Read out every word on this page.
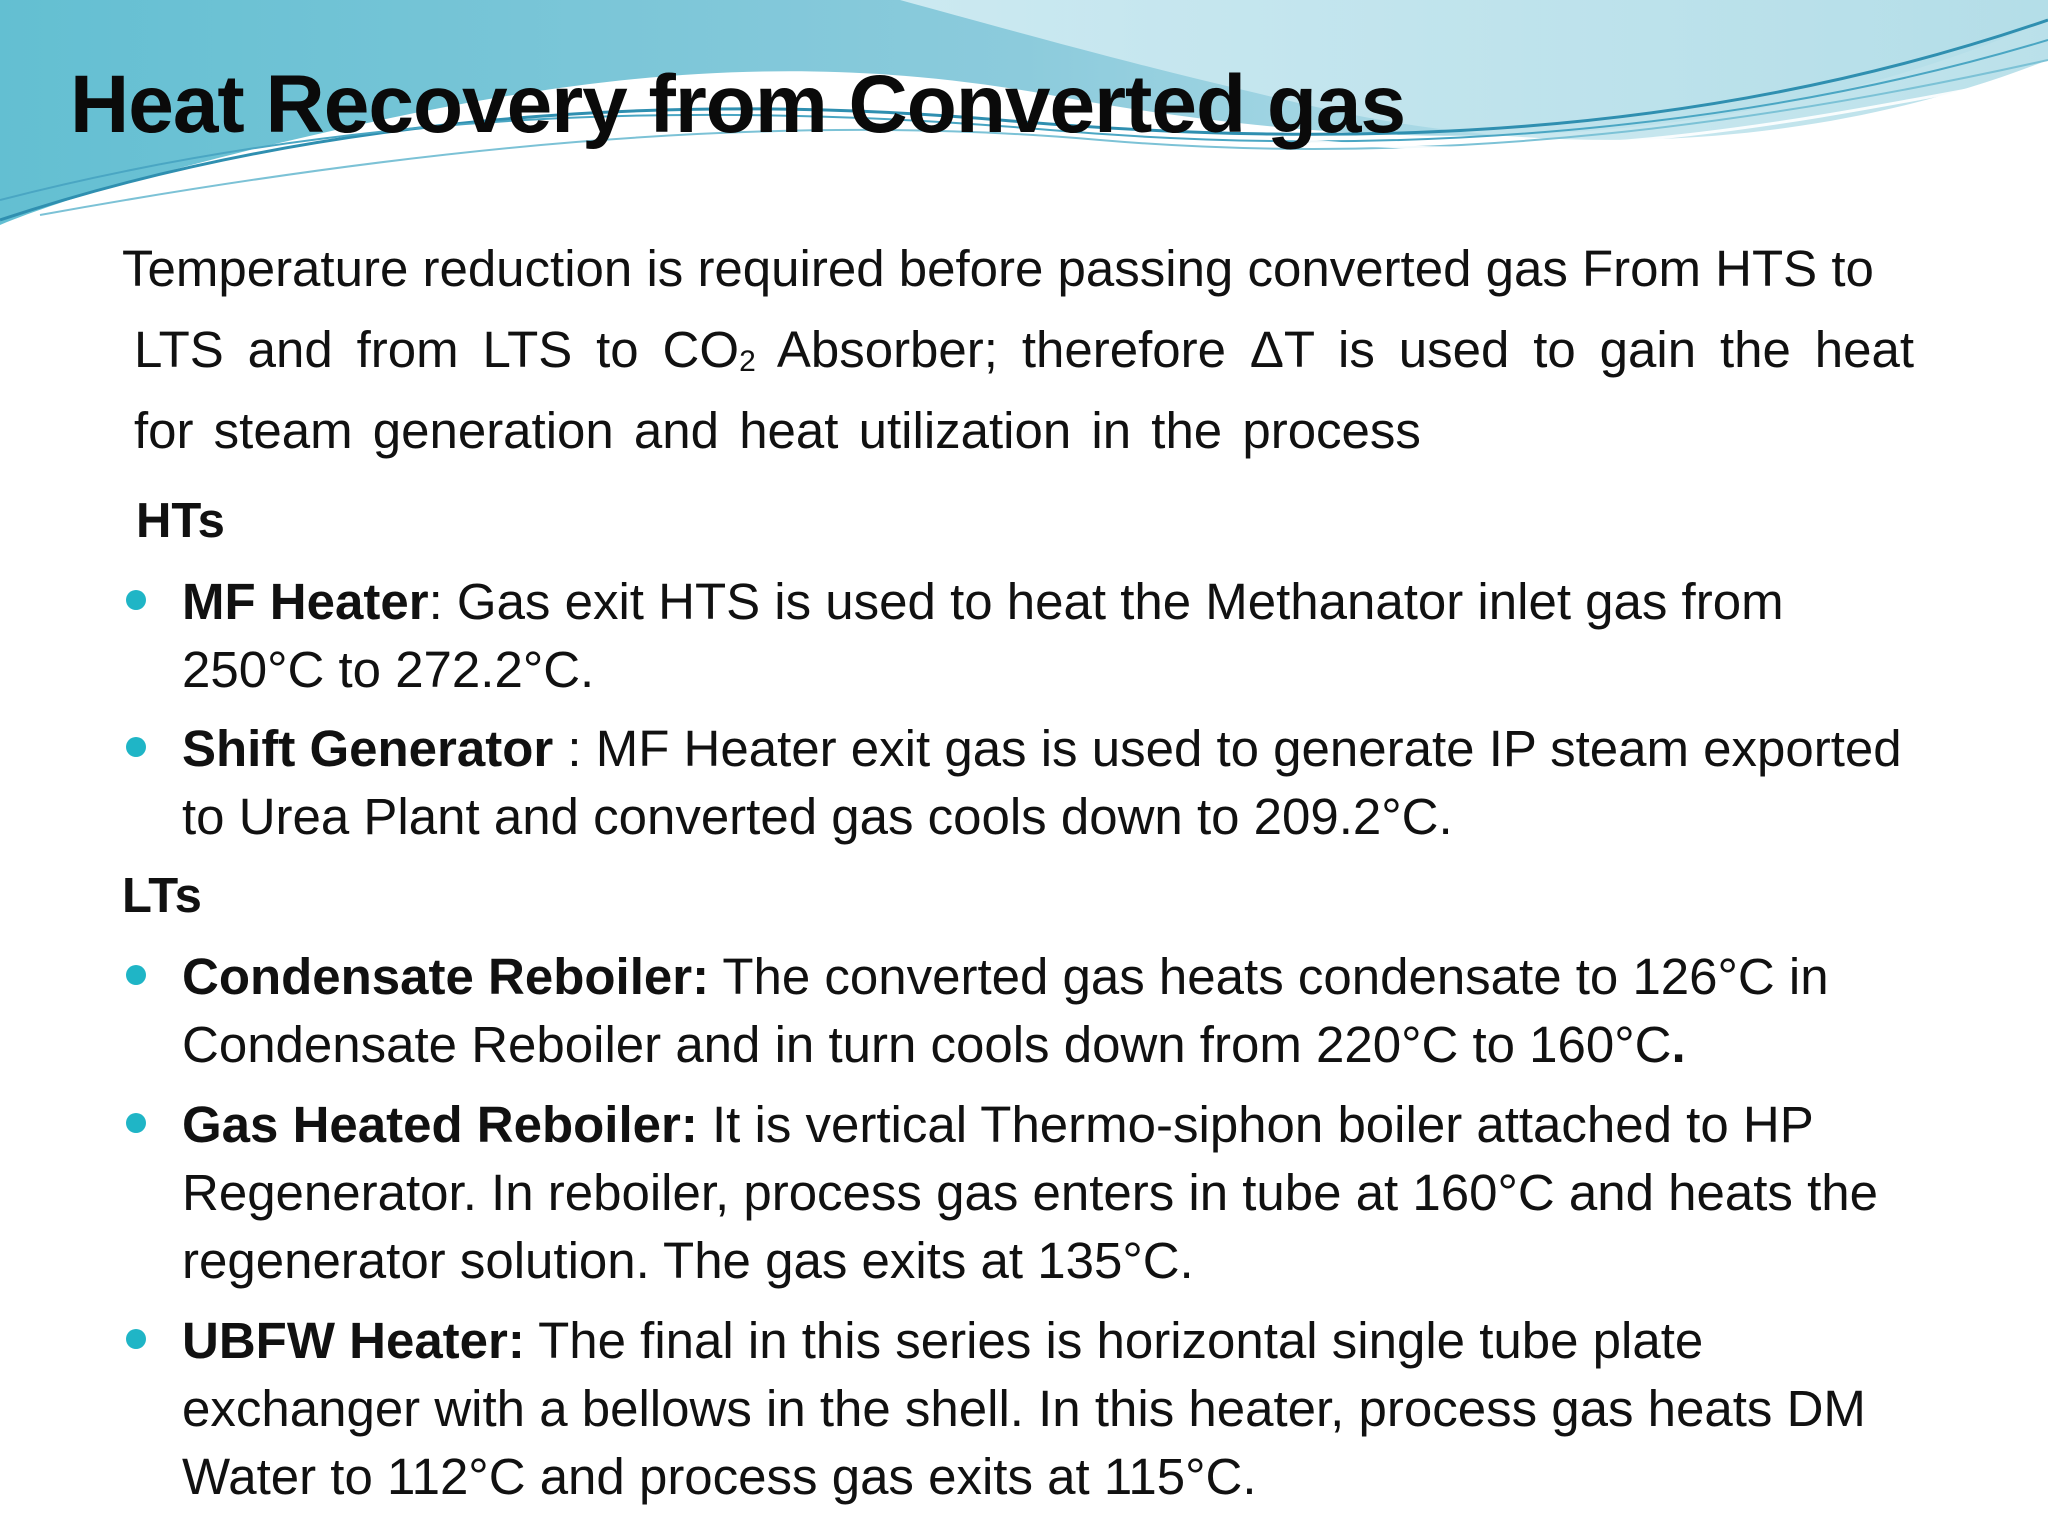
Heat Recovery from Converted gas
Temperature reduction is required before passing converted gas From HTS to
LTS and from LTS to $CO_2$ Absorber; therefore ΔT is used to gain the heat
for steam generation and heat utilization in the process
HTs
MF Heater: Gas exit HTS is used to heat the Methanator inlet gas from
250°C to 272.2°C.
Shift Generator : MF Heater exit gas is used to generate IP steam exported
to Urea Plant and converted gas cools down to 209.2°C.
LTs
Condensate Reboiler: The converted gas heats condensate to 126°C in
Condensate Reboiler and in turn cools down from 220°C to 160°C.
Gas Heated Reboiler: It is vertical Thermo-siphon boiler attached to HP
Regenerator. In reboiler, process gas enters in tube at 160°C and heats the
regenerator solution. The gas exits at 135°C.
UBFW Heater: The final in this series is horizontal single tube plate
exchanger with a bellows in the shell. In this heater, process gas heats DM
Water to 112°C and process gas exits at 115°C.
